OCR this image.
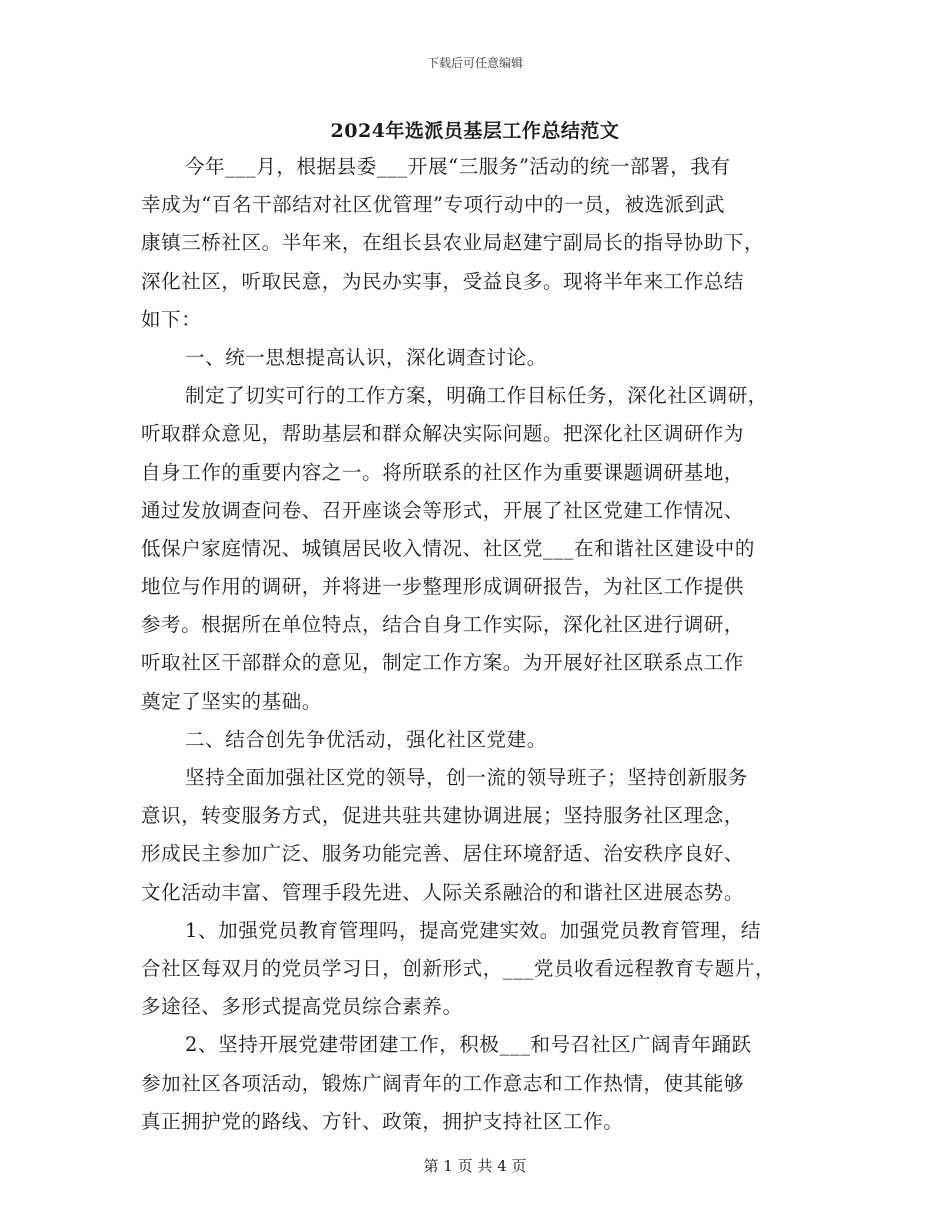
下载后可任意编辑
2024年选派员基层工作总结范文
今年___月，根据县委___开展“三服务”活动的统一部署，我有
幸成为“百名干部结对社区优管理”专项行动中的一员，被选派到武
康镇三桥社区。半年来，在组长县农业局赵建宁副局长的指导协助下，
深化社区，听取民意，为民办实事，受益良多。现将半年来工作总结
如下：
一、统一思想提高认识，深化调查讨论。
制定了切实可行的工作方案，明确工作目标任务，深化社区调研，
听取群众意见，帮助基层和群众解决实际问题。把深化社区调研作为
自身工作的重要内容之一。将所联系的社区作为重要课题调研基地，
通过发放调查问卷、召开座谈会等形式，开展了社区党建工作情况、
低保户家庭情况、城镇居民收入情况、社区党___在和谐社区建设中的
地位与作用的调研，并将进一步整理形成调研报告，为社区工作提供
参考。根据所在单位特点，结合自身工作实际，深化社区进行调研，
听取社区干部群众的意见，制定工作方案。为开展好社区联系点工作
奠定了坚实的基础。
二、结合创先争优活动，强化社区党建。
坚持全面加强社区党的领导，创一流的领导班子；坚持创新服务
意识，转变服务方式，促进共驻共建协调进展；坚持服务社区理念，
形成民主参加广泛、服务功能完善、居住环境舒适、治安秩序良好、
文化活动丰富、管理手段先进、人际关系融洽的和谐社区进展态势。
1、加强党员教育管理吗，提高党建实效。加强党员教育管理，结
合社区每双月的党员学习日，创新形式，___党员收看远程教育专题片，
多途径、多形式提高党员综合素养。
2、坚持开展党建带团建工作，积极___和号召社区广阔青年踊跃
参加社区各项活动，锻炼广阔青年的工作意志和工作热情，使其能够
真正拥护党的路线、方针、政策，拥护支持社区工作。
第 1 页 共 4 页
